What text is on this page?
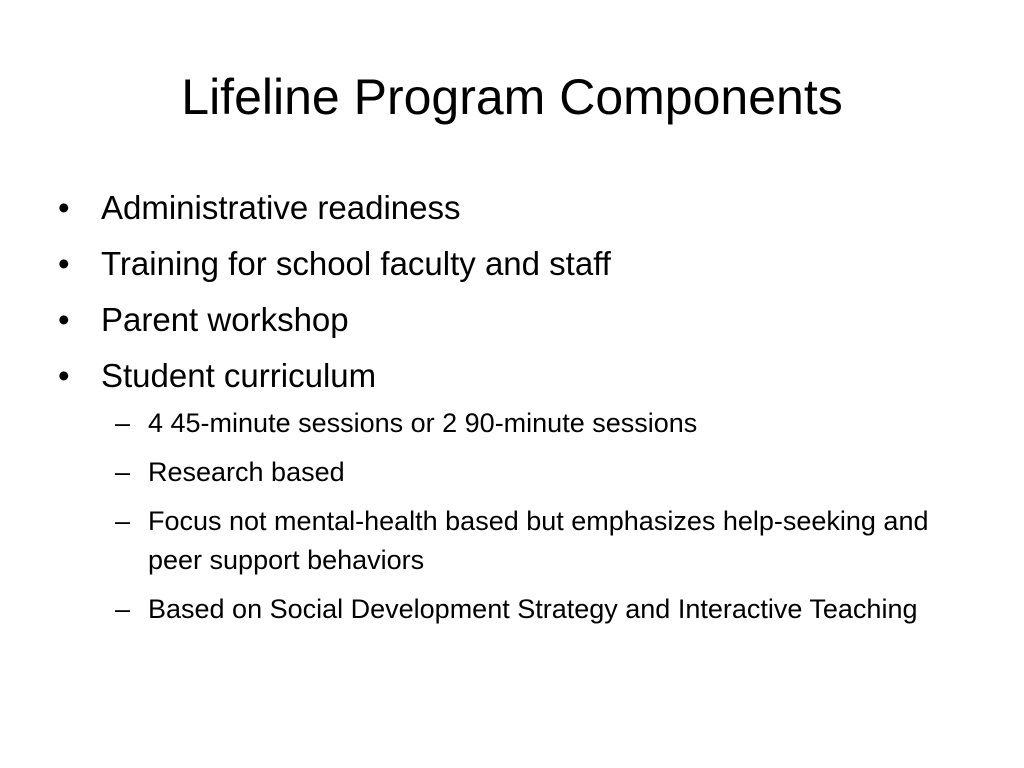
Lifeline Program Components
• Administrative readiness
• Training for school faculty and staff
• Parent workshop
• Student curriculum
– 4 45-minute sessions or 2 90-minute sessions
– Research based
– Focus not mental-health based but emphasizes help-seeking and peer support behaviors
– Based on Social Development Strategy and Interactive Teaching
